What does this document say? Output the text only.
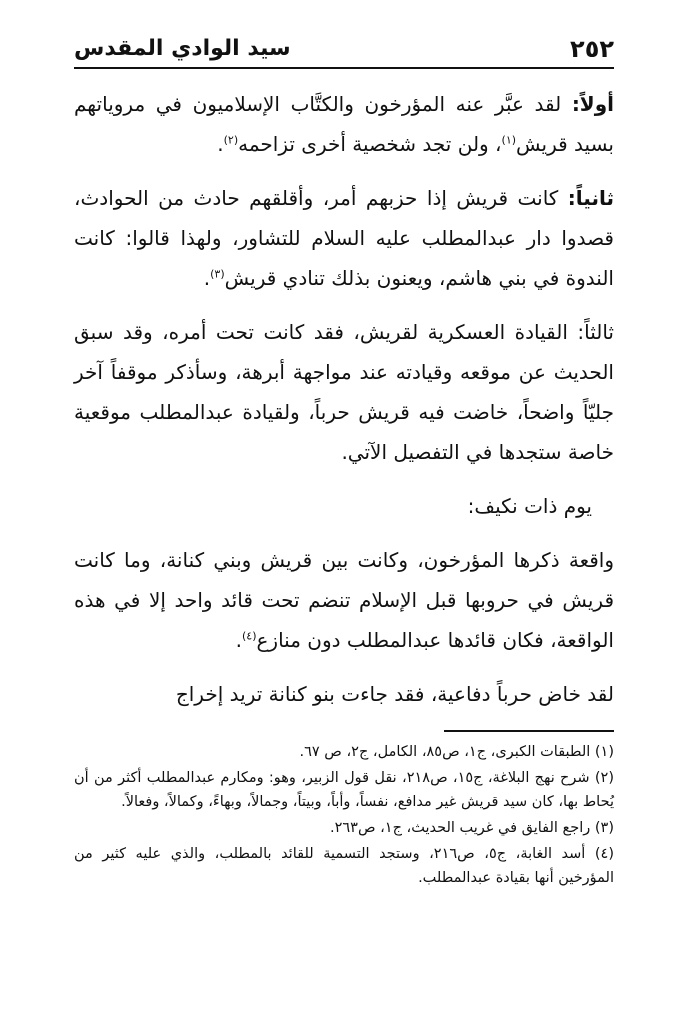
٢٥٢
سيد الوادي المقدس

أولاً: لقد عبَّر عنه المؤرخون والكتَّاب الإسلاميون في مروياتهم بسيد قريش$^{(١)}$، ولن تجد شخصية أخرى تزاحمه$^{(٢)}$.

ثانياً: كانت قريش إذا حزبهم أمر، وأقلقهم حادث من الحوادث، قصدوا دار عبدالمطلب عليه السلام للتشاور، ولهذا قالوا: كانت الندوة في بني هاشم، ويعنون بذلك تنادي قريش$^{(٣)}$.

ثالثاً: القيادة العسكرية لقريش، فقد كانت تحت أمره، وقد سبق الحديث عن موقعه وقيادته عند مواجهة أبرهة، وسأذكر موقفاً آخر جليّاً واضحاً، خاضت فيه قريش حرباً، ولقيادة عبدالمطلب موقعية خاصة ستجدها في التفصيل الآتي.

يوم ذات نكيف:

واقعة ذكرها المؤرخون، وكانت بين قريش وبني كنانة، وما كانت قريش في حروبها قبل الإسلام تنضم تحت قائد واحد إلا في هذه الواقعة، فكان قائدها عبدالمطلب دون منازع$^{(٤)}$.

لقد خاض حرباً دفاعية، فقد جاءت بنو كنانة تريد إخراج

(١) الطبقات الكبرى، ج١، ص٨٥، الكامل، ج٢، ص ٦٧.

(٢) شرح نهج البلاغة، ج١٥، ص٢١٨، نقل قول الزبير، وهو: ومكارم عبدالمطلب أكثر من أن يُحاط بها، كان سيد قريش غير مدافع، نفساً، وأباً، وبيتاً، وجمالاً، وبهاءً، وكمالاً، وفعالاً.

(٣) راجع الفايق في غريب الحديث، ج١، ص٢٦٣.

(٤) أسد الغابة، ج٥، ص٢١٦، وستجد التسمية للقائد بالمطلب، والذي عليه كثير من المؤرخين أنها بقيادة عبدالمطلب.
